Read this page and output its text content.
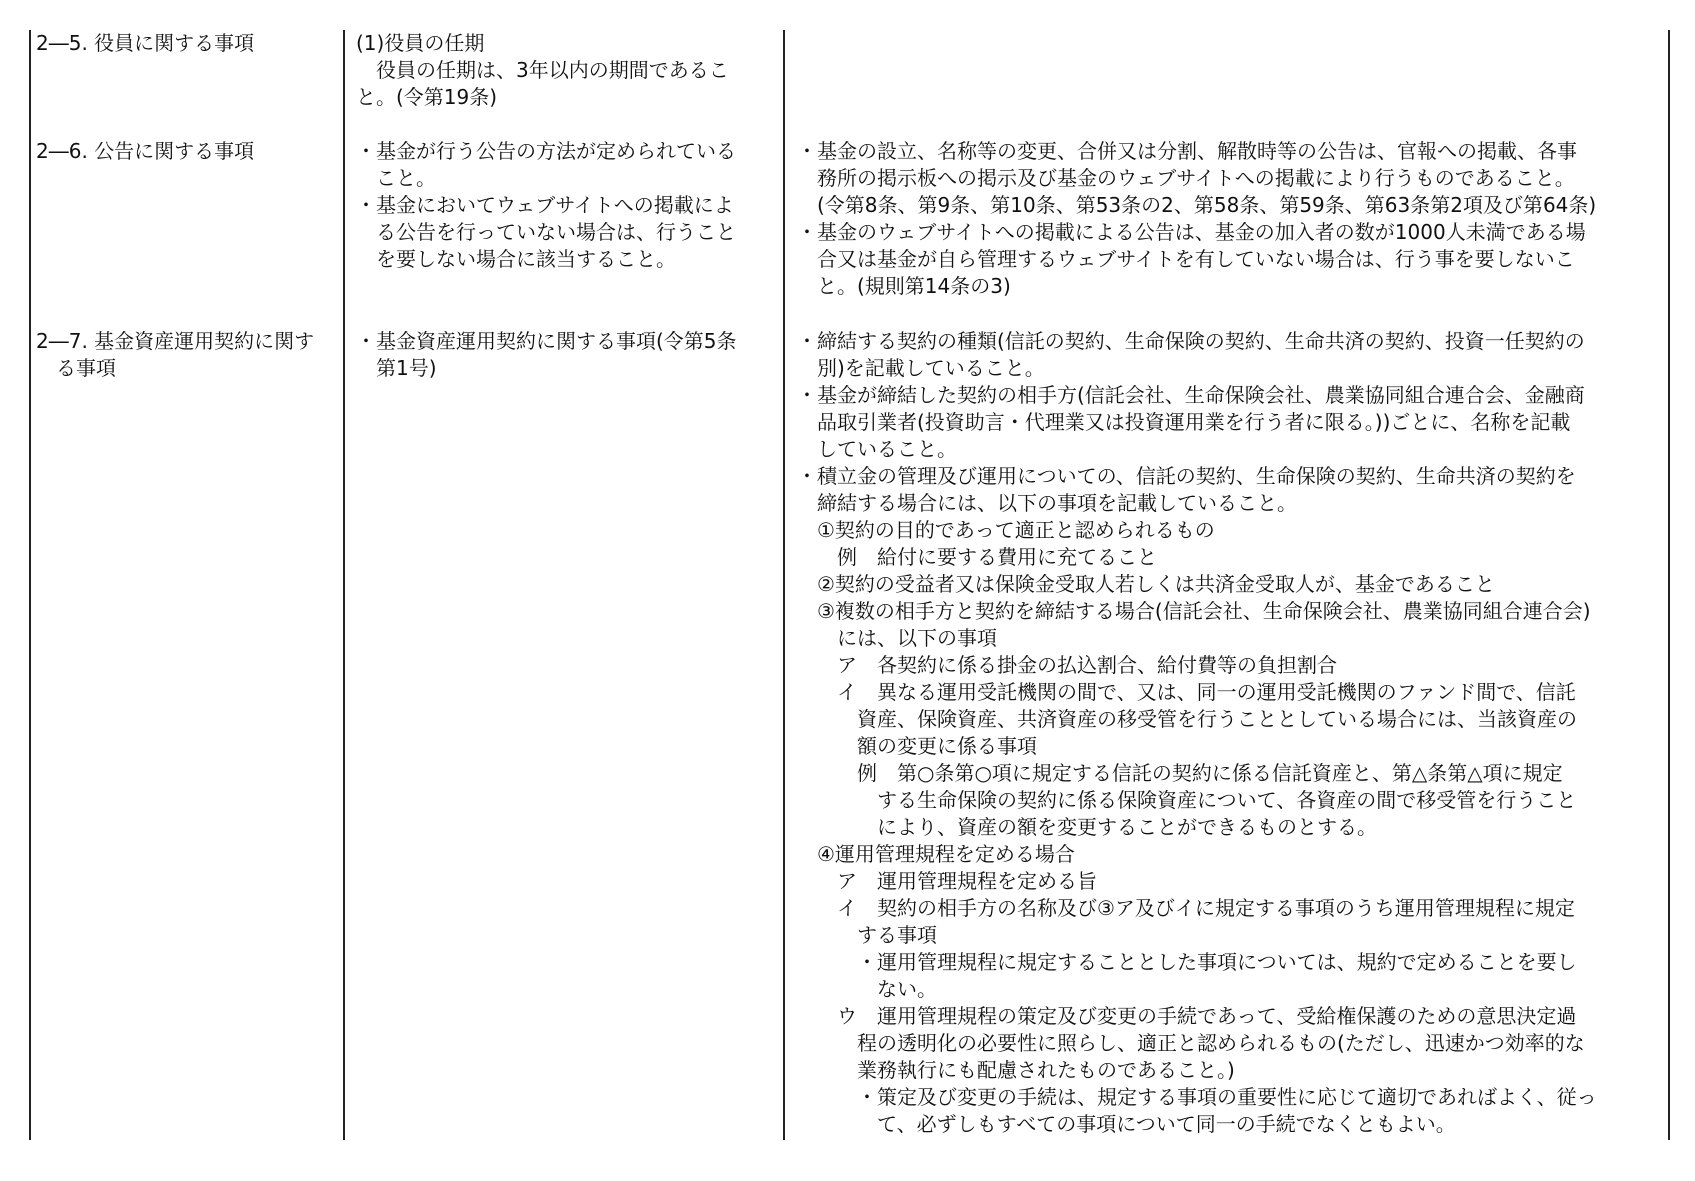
2―5. 役員に関する事項	(1)役員の任期
　役員の任期は、3年以内の期間であるこ
と。(令第19条)
2―6. 公告に関する事項	・基金が行う公告の方法が定められている
　こと。
・基金においてウェブサイトへの掲載によ
　る公告を行っていない場合は、行うこと
　を要しない場合に該当すること。
・基金の設立、名称等の変更、合併又は分割、解散時等の公告は、官報への掲載、各事
　務所の掲示板への掲示及び基金のウェブサイトへの掲載により行うものであること。
　(令第8条、第9条、第10条、第53条の2、第58条、第59条、第63条第2項及び第64条)
・基金のウェブサイトへの掲載による公告は、基金の加入者の数が1000人未満である場
　合又は基金が自ら管理するウェブサイトを有していない場合は、行う事を要しないこ
　と。(規則第14条の3)
2―7. 基金資産運用契約に関す
　る事項
・基金資産運用契約に関する事項(令第5条
　第1号)
・締結する契約の種類(信託の契約、生命保険の契約、生命共済の契約、投資一任契約の
　別)を記載していること。
・基金が締結した契約の相手方(信託会社、生命保険会社、農業協同組合連合会、金融商
　品取引業者(投資助言・代理業又は投資運用業を行う者に限る。))ごとに、名称を記載
　していること。
・積立金の管理及び運用についての、信託の契約、生命保険の契約、生命共済の契約を
　締結する場合には、以下の事項を記載していること。
　①契約の目的であって適正と認められるもの
　　例　給付に要する費用に充てること
　②契約の受益者又は保険金受取人若しくは共済金受取人が、基金であること
　③複数の相手方と契約を締結する場合(信託会社、生命保険会社、農業協同組合連合会)
　　には、以下の事項
　　ア　各契約に係る掛金の払込割合、給付費等の負担割合
　　イ　異なる運用受託機関の間で、又は、同一の運用受託機関のファンド間で、信託
　　　資産、保険資産、共済資産の移受管を行うこととしている場合には、当該資産の
　　　額の変更に係る事項
　　　例　第○条第○項に規定する信託の契約に係る信託資産と、第△条第△項に規定
　　　　する生命保険の契約に係る保険資産について、各資産の間で移受管を行うこと
　　　　により、資産の額を変更することができるものとする。
　④運用管理規程を定める場合
　　ア　運用管理規程を定める旨
　　イ　契約の相手方の名称及び③ア及びイに規定する事項のうち運用管理規程に規定
　　　する事項
　　　・運用管理規程に規定することとした事項については、規約で定めることを要し
　　　　ない。
　　ウ　運用管理規程の策定及び変更の手続であって、受給権保護のための意思決定過
　　　程の透明化の必要性に照らし、適正と認められるもの(ただし、迅速かつ効率的な
　　　業務執行にも配慮されたものであること。)
　　　・策定及び変更の手続は、規定する事項の重要性に応じて適切であればよく、従っ
　　　　て、必ずしもすべての事項について同一の手続でなくともよい。
